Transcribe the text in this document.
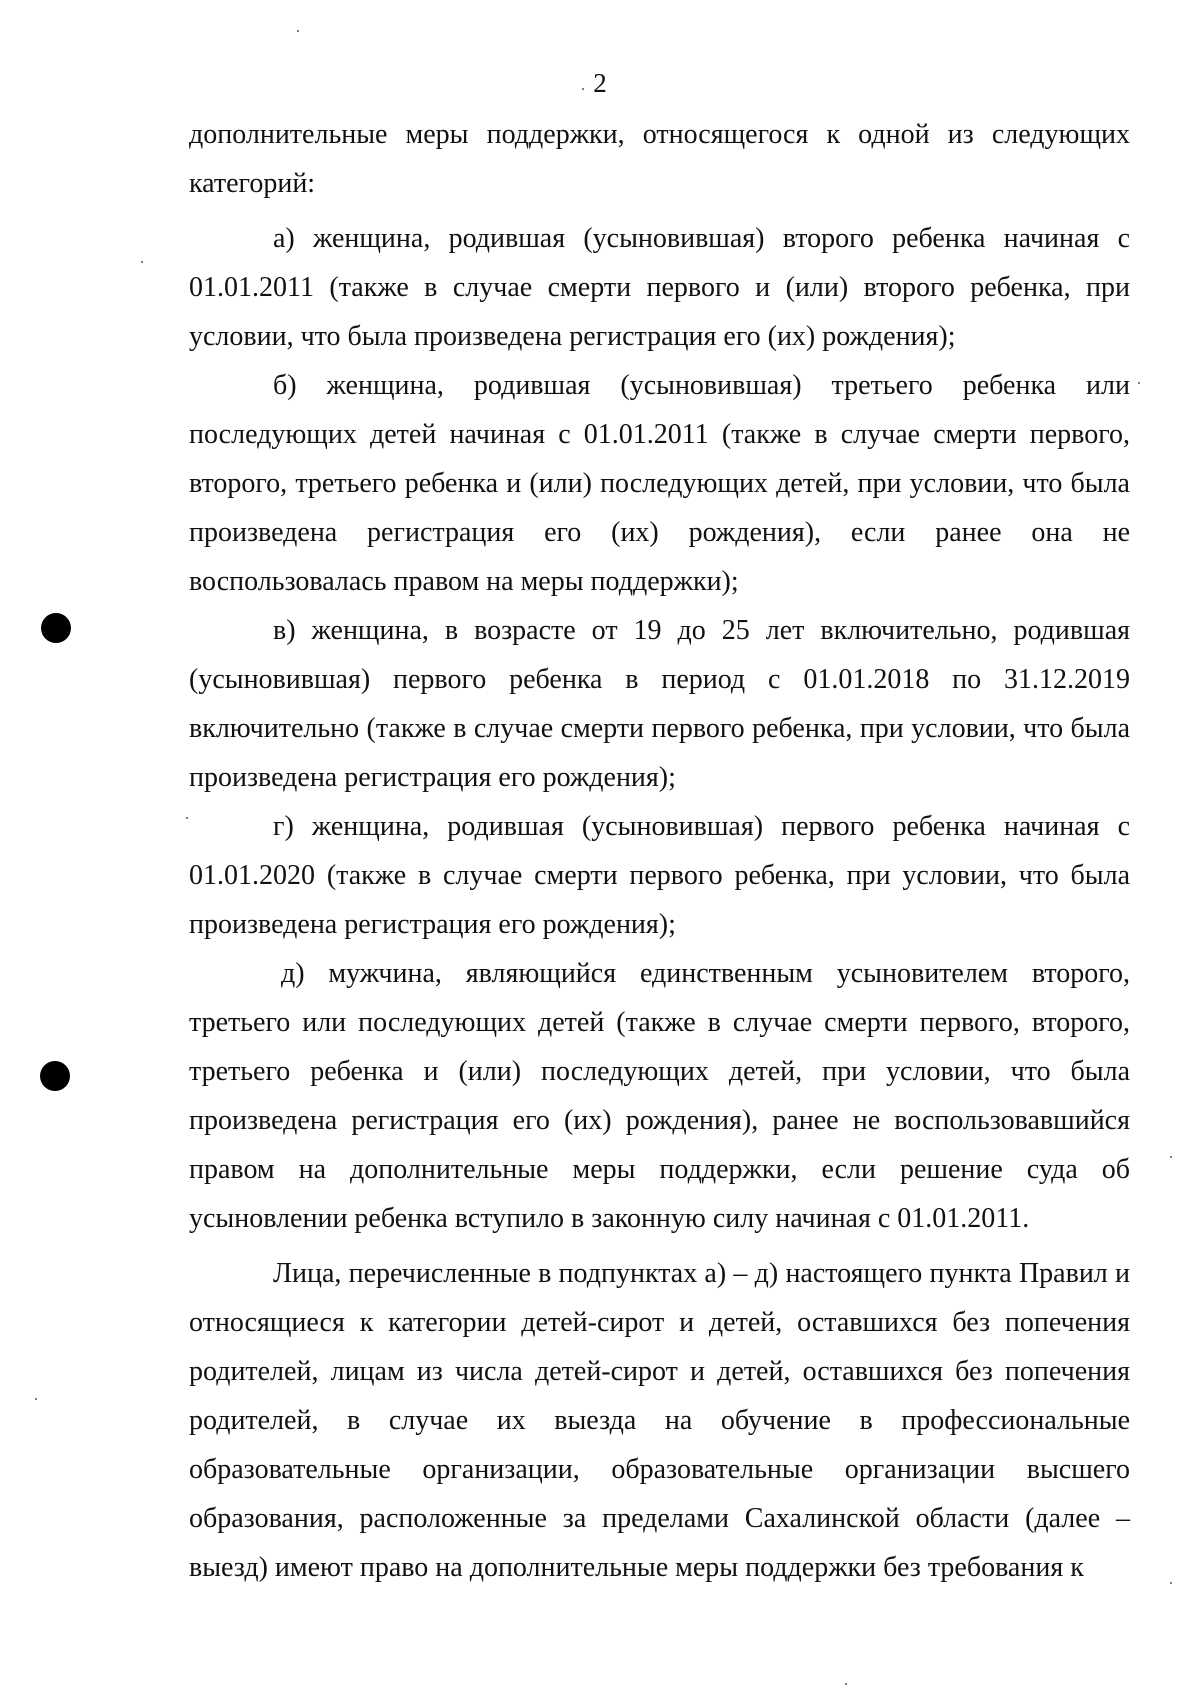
2

дополнительные меры поддержки, относящегося к одной из следующих категорий:

а) женщина, родившая (усыновившая) второго ребенка начиная с 01.01.2011 (также в случае смерти первого и (или) второго ребенка, при условии, что была произведена регистрация его (их) рождения);

б) женщина, родившая (усыновившая) третьего ребенка или последующих детей начиная с 01.01.2011 (также в случае смерти первого, второго, третьего ребенка и (или) последующих детей, при условии, что была произведена регистрация его (их) рождения), если ранее она не воспользовалась правом на меры поддержки);

в) женщина, в возрасте от 19 до 25 лет включительно, родившая (усыновившая) первого ребенка в период с 01.01.2018 по 31.12.2019 включительно (также в случае смерти первого ребенка, при условии, что была произведена регистрация его рождения);

г) женщина, родившая (усыновившая) первого ребенка начиная с 01.01.2020 (также в случае смерти первого ребенка, при условии, что была произведена регистрация его рождения);

д) мужчина, являющийся единственным усыновителем второго, третьего или последующих детей (также в случае смерти первого, второго, третьего ребенка и (или) последующих детей, при условии, что была произведена регистрация его (их) рождения), ранее не воспользовавшийся правом на дополнительные меры поддержки, если решение суда об усыновлении ребенка вступило в законную силу начиная с 01.01.2011.

Лица, перечисленные в подпунктах а) – д) настоящего пункта Правил и относящиеся к категории детей-сирот и детей, оставшихся без попечения родителей, лицам из числа детей-сирот и детей, оставшихся без попечения родителей, в случае их выезда на обучение в профессиональные образовательные организации, образовательные организации высшего образования, расположенные за пределами Сахалинской области (далее – выезд) имеют право на дополнительные меры поддержки без требования к
